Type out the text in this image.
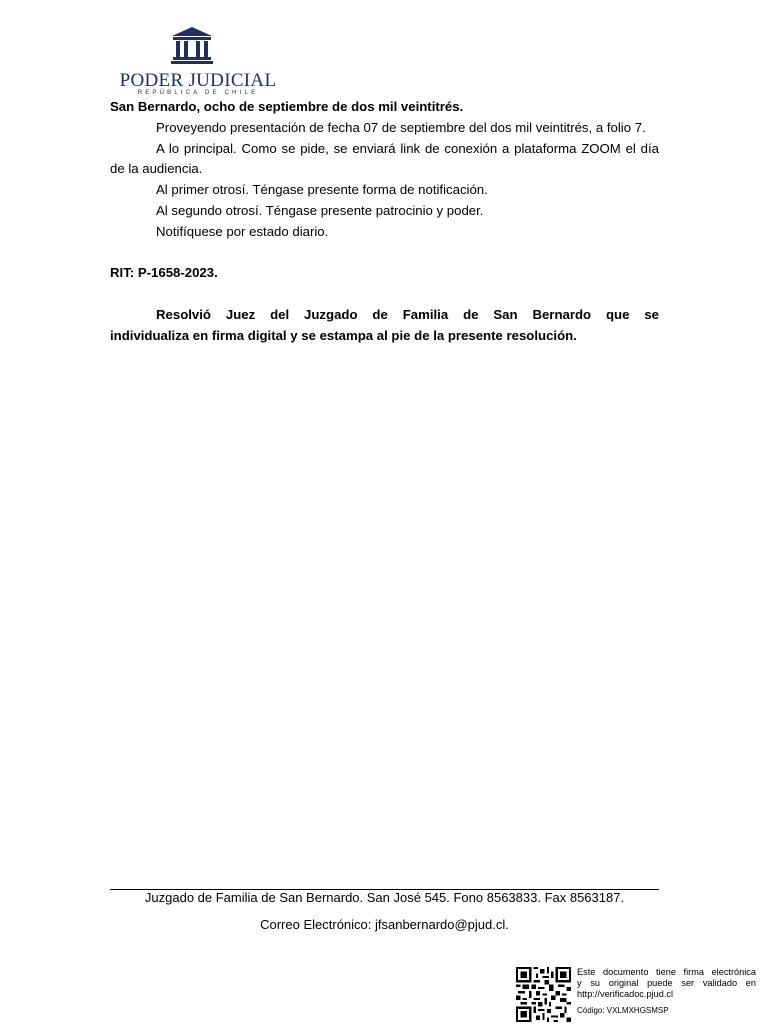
PODER JUDICIAL
REPÚBLICA DE CHILE

San Bernardo, ocho de septiembre de dos mil veintitrés.

Proveyendo presentación de fecha 07 de septiembre del dos mil veintitrés, a folio 7.

A lo principal. Como se pide, se enviará link de conexión a plataforma ZOOM el día de la audiencia.

Al primer otrosí. Téngase presente forma de notificación.

Al segundo otrosí. Téngase presente patrocinio y poder.

Notifíquese por estado diario.

RIT: P-1658-2023.

Resolvió Juez del Juzgado de Familia de San Bernardo que se

individualiza en firma digital y se estampa al pie de la presente resolución.

Juzgado de Familia de San Bernardo. San José 545. Fono 8563833. Fax 8563187.
Correo Electrónico: jfsanbernardo@pjud.cl.
Este documento tiene firma electrónica
y su original puede ser validado en
http://verificadoc.pjud.cl
Código: VXLMXHGSMSP
